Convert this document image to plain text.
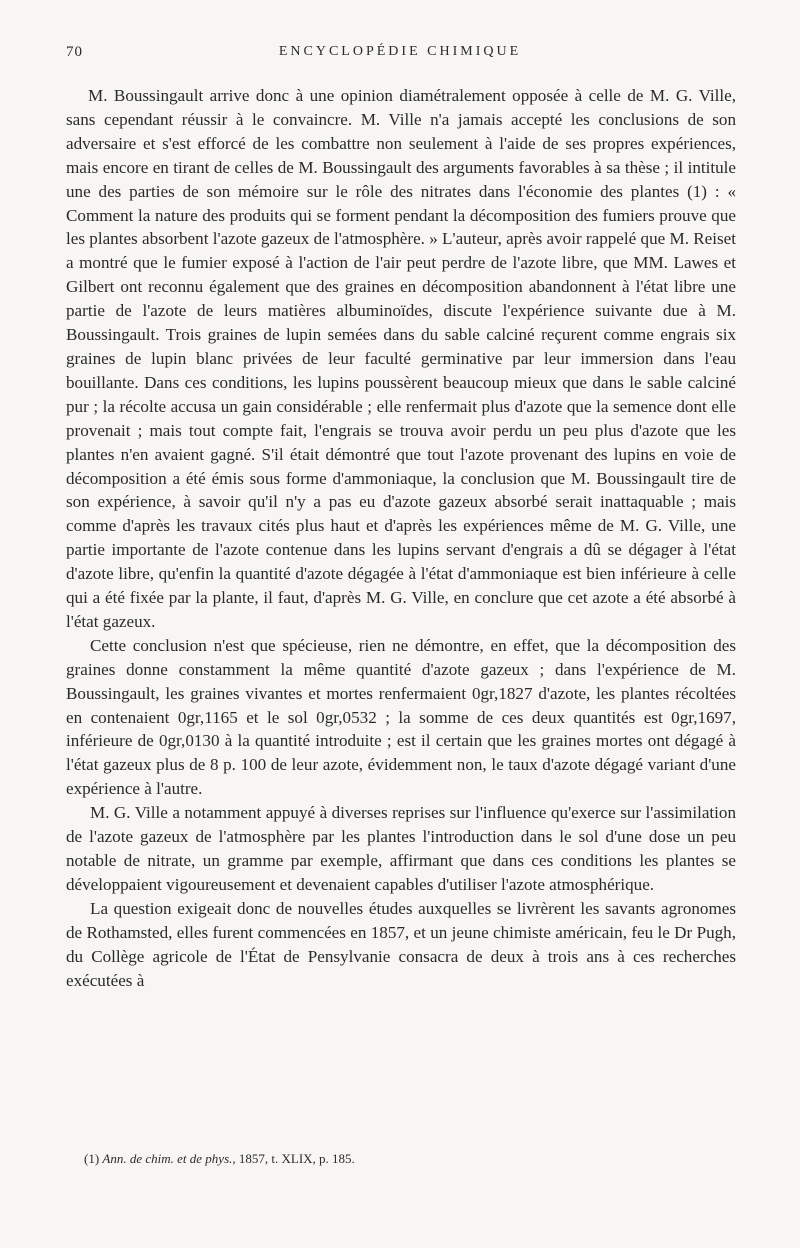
70	ENCYCLOPÉDIE CHIMIQUE

M. Boussingault arrive donc à une opinion diamétralement opposée à celle de M. G. Ville, sans cependant réussir à le convaincre. M. Ville n'a jamais accepté les conclusions de son adversaire et s'est efforcé de les combattre non seulement à l'aide de ses propres expériences, mais encore en tirant de celles de M. Boussingault des arguments favorables à sa thèse ; il intitule une des parties de son mémoire sur le rôle des nitrates dans l'économie des plantes (1) : « Comment la nature des produits qui se forment pendant la décomposition des fumiers prouve que les plantes absorbent l'azote gazeux de l'atmosphère. » L'auteur, après avoir rappelé que M. Reiset a montré que le fumier exposé à l'action de l'air peut perdre de l'azote libre, que MM. Lawes et Gilbert ont reconnu également que des graines en décomposition abandonnent à l'état libre une partie de l'azote de leurs matières albuminoïdes, discute l'expérience suivante due à M. Boussingault. Trois graines de lupin semées dans du sable calciné reçurent comme engrais six graines de lupin blanc privées de leur faculté germinative par leur immersion dans l'eau bouillante. Dans ces conditions, les lupins poussèrent beaucoup mieux que dans le sable calciné pur ; la récolte accusa un gain considérable ; elle renfermait plus d'azote que la semence dont elle provenait ; mais tout compte fait, l'engrais se trouva avoir perdu un peu plus d'azote que les plantes n'en avaient gagné. S'il était démontré que tout l'azote provenant des lupins en voie de décomposition a été émis sous forme d'ammoniaque, la conclusion que M. Boussingault tire de son expérience, à savoir qu'il n'y a pas eu d'azote gazeux absorbé serait inattaquable ; mais comme d'après les travaux cités plus haut et d'après les expériences même de M. G. Ville, une partie importante de l'azote contenue dans les lupins servant d'engrais a dû se dégager à l'état d'azote libre, qu'enfin la quantité d'azote dégagée à l'état d'ammoniaque est bien inférieure à celle qui a été fixée par la plante, il faut, d'après M. G. Ville, en conclure que cet azote a été absorbé à l'état gazeux.

Cette conclusion n'est que spécieuse, rien ne démontre, en effet, que la décomposition des graines donne constamment la même quantité d'azote gazeux ; dans l'expérience de M. Boussingault, les graines vivantes et mortes renfermaient 0gr,1827 d'azote, les plantes récoltées en contenaient 0gr,1165 et le sol 0gr,0532 ; la somme de ces deux quantités est 0gr,1697, inférieure de 0gr,0130 à la quantité introduite ; est il certain que les graines mortes ont dégagé à l'état gazeux plus de 8 p. 100 de leur azote, évidemment non, le taux d'azote dégagé variant d'une expérience à l'autre.

M. G. Ville a notamment appuyé à diverses reprises sur l'influence qu'exerce sur l'assimilation de l'azote gazeux de l'atmosphère par les plantes l'introduction dans le sol d'une dose un peu notable de nitrate, un gramme par exemple, affirmant que dans ces conditions les plantes se développaient vigoureusement et devenaient capables d'utiliser l'azote atmosphérique.

La question exigeait donc de nouvelles études auxquelles se livrèrent les savants agronomes de Rothamsted, elles furent commencées en 1857, et un jeune chimiste américain, feu le Dr Pugh, du Collège agricole de l'État de Pensylvanie consacra de deux à trois ans à ces recherches exécutées à

(1) Ann. de chim. et de phys., 1857, t. XLIX, p. 185.
